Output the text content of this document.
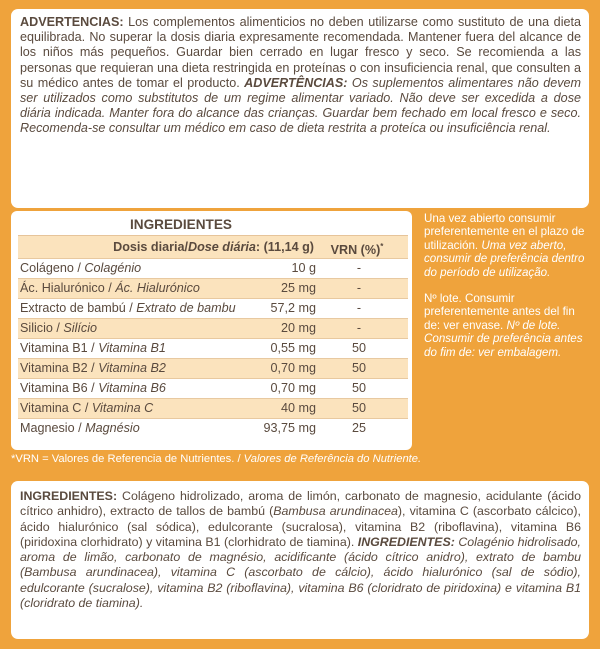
ADVERTENCIAS: Los complementos alimenticios no deben utilizarse como sustituto de una dieta equilibrada. No superar la dosis diaria expresamente recomendada. Mantener fuera del alcance de los niños más pequeños. Guardar bien cerrado en lugar fresco y seco. Se recomienda a las personas que requieran una dieta restringida en proteínas o con insuficiencia renal, que consulten a su médico antes de tomar el producto. ADVERTÊNCIAS: Os suplementos alimentares não devem ser utilizados como substitutos de um regime alimentar variado. Não deve ser excedida a dose diária indicada. Manter fora do alcance das crianças. Guardar bem fechado em local fresco e seco. Recomenda-se consultar um médico em caso de dieta restrita a proteíca ou insuficiência renal.

INGREDIENTES
Dosis diaria/Dose diária: (11,14 g)	VRN (%)*
Colágeno / Colagénio	10 g	-
Ác. Hialurónico / Ác. Hialurónico	25 mg	-
Extracto de bambú / Extrato de bambu	57,2 mg	-
Silicio / Silício	20 mg	-
Vitamina B1 / Vitamina B1	0,55 mg	50
Vitamina B2 / Vitamina B2	0,70 mg	50
Vitamina B6 / Vitamina B6	0,70 mg	50
Vitamina C / Vitamina C	40 mg	50
Magnesio / Magnésio	93,75 mg	25

Una vez abierto consumir preferentemente en el plazo de utilización. Uma vez aberto, consumir de preferência dentro do período de utilização.

Nº lote. Consumir preferentemente antes del fin de: ver envase. Nº de lote. Consumir de preferência antes do fim de: ver embalagem.

*VRN = Valores de Referencia de Nutrientes. / Valores de Referência do Nutriente.

INGREDIENTES: Colágeno hidrolizado, aroma de limón, carbonato de magnesio, acidulante (ácido cítrico anhidro), extracto de tallos de bambú (Bambusa arundinacea), vitamina C (ascorbato cálcico), ácido hialurónico (sal sódica), edulcorante (sucralosa), vitamina B2 (riboflavina), vitamina B6 (piridoxina clorhidrato) y vitamina B1 (clorhidrato de tiamina). INGREDIENTES: Colagénio hidrolisado, aroma de limão, carbonato de magnésio, acidificante (ácido cítrico anidro), extrato de bambu (Bambusa arundinacea), vitamina C (ascorbato de cálcio), ácido hialurónico (sal de sódio), edulcorante (sucralose), vitamina B2 (riboflavina), vitamina B6 (cloridrato de piridoxina) e vitamina B1 (cloridrato de tiamina).
